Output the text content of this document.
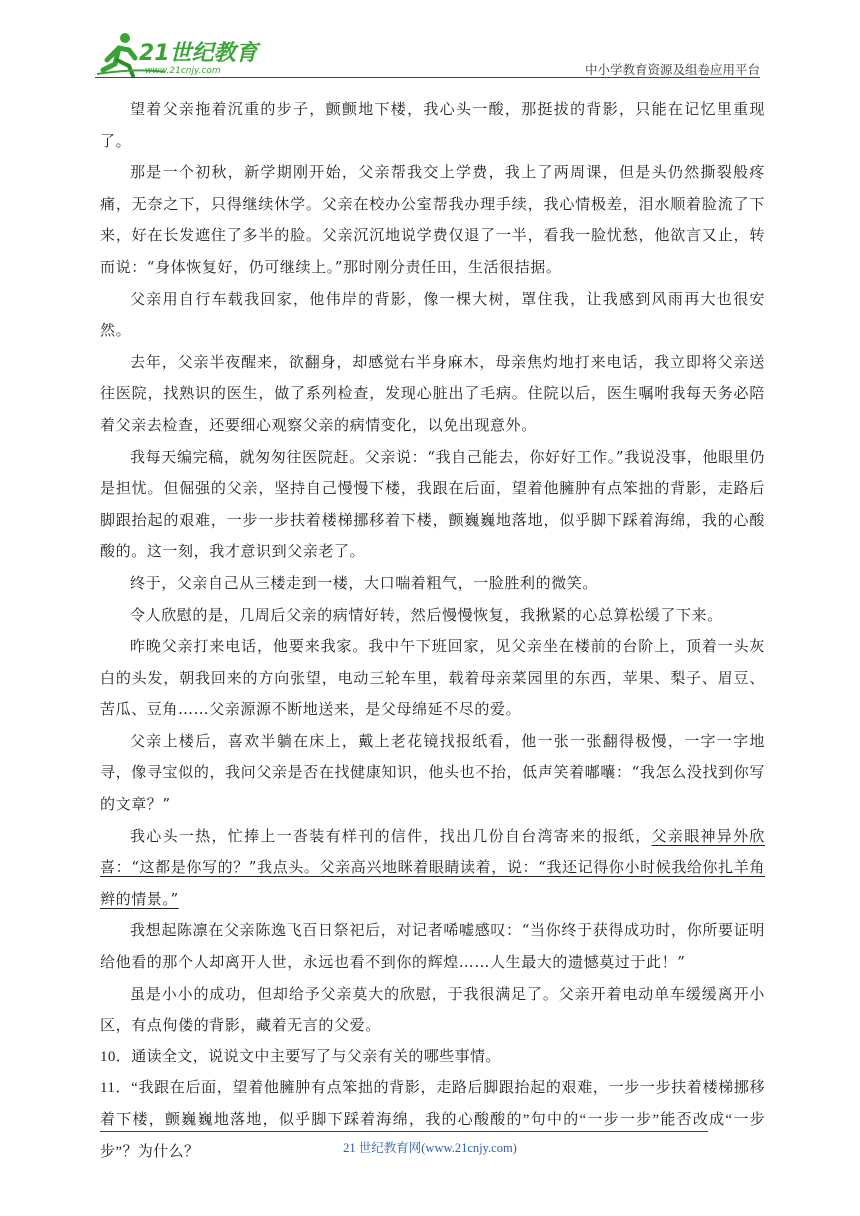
21世纪教育
www.21cnjy.com	中小学教育资源及组卷应用平台

望着父亲拖着沉重的步子，颤颤地下楼，我心头一酸，那挺拔的背影，只能在记忆里重现了。

那是一个初秋，新学期刚开始，父亲帮我交上学费，我上了两周课，但是头仍然撕裂般疼痛，无奈之下，只得继续休学。父亲在校办公室帮我办理手续，我心情极差，泪水顺着脸流了下来，好在长发遮住了多半的脸。父亲沉沉地说学费仅退了一半，看我一脸忧愁，他欲言又止，转而说：“身体恢复好，仍可继续上。”那时刚分责任田，生活很拮据。

父亲用自行车载我回家，他伟岸的背影，像一棵大树，罩住我，让我感到风雨再大也很安然。

去年，父亲半夜醒来，欲翻身，却感觉右半身麻木，母亲焦灼地打来电话，我立即将父亲送往医院，找熟识的医生，做了系列检查，发现心脏出了毛病。住院以后，医生嘱咐我每天务必陪着父亲去检查，还要细心观察父亲的病情变化，以免出现意外。

我每天编完稿，就匆匆往医院赶。父亲说：“我自己能去，你好好工作。”我说没事，他眼里仍是担忧。但倔强的父亲，坚持自己慢慢下楼，我跟在后面，望着他臃肿有点笨拙的背影，走路后脚跟抬起的艰难，一步一步扶着楼梯挪移着下楼，颤巍巍地落地，似乎脚下踩着海绵，我的心酸酸的。这一刻，我才意识到父亲老了。

终于，父亲自己从三楼走到一楼，大口喘着粗气，一脸胜利的微笑。

令人欣慰的是，几周后父亲的病情好转，然后慢慢恢复，我揪紧的心总算松缓了下来。

昨晚父亲打来电话，他要来我家。我中午下班回家，见父亲坐在楼前的台阶上，顶着一头灰白的头发，朝我回来的方向张望，电动三轮车里，载着母亲菜园里的东西，苹果、梨子、眉豆、苦瓜、豆角……父亲源源不断地送来，是父母绵延不尽的爱。

父亲上楼后，喜欢半躺在床上，戴上老花镜找报纸看，他一张一张翻得极慢，一字一字地寻，像寻宝似的，我问父亲是否在找健康知识，他头也不抬，低声笑着嘟囔：“我怎么没找到你写的文章？”

我心头一热，忙捧上一沓装有样刊的信件，找出几份自台湾寄来的报纸，父亲眼神异外欣喜：“这都是你写的？”我点头。父亲高兴地眯着眼睛读着，说：“我还记得你小时候我给你扎羊角辫的情景。”

我想起陈凛在父亲陈逸飞百日祭祀后，对记者唏嘘感叹：“当你终于获得成功时，你所要证明给他看的那个人却离开人世，永远也看不到你的辉煌……人生最大的遗憾莫过于此！”

虽是小小的成功，但却给予父亲莫大的欣慰，于我很满足了。父亲开着电动单车缓缓离开小区，有点佝偻的背影，藏着无言的父爱。

10．通读全文，说说文中主要写了与父亲有关的哪些事情。

11．“我跟在后面，望着他臃肿有点笨拙的背影，走路后脚跟抬起的艰难，一步一步扶着楼梯挪移着下楼，颤巍巍地落地，似乎脚下踩着海绵，我的心酸酸的”句中的“一步一步”能否改成“一步步”？为什么？	21 世纪教育网(www.21cnjy.com)
